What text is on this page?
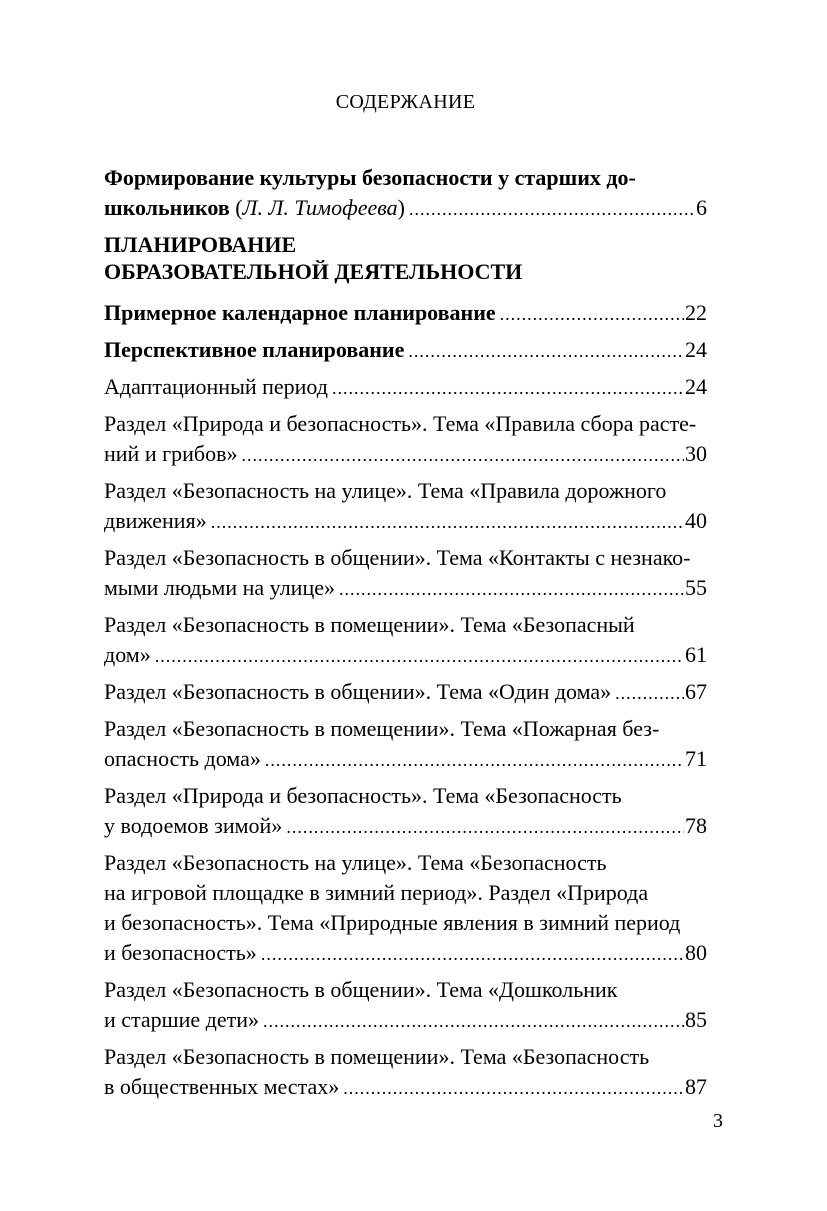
СОДЕРЖАНИЕ
Формирование культуры безопасности у старших до-
школьников (Л. Л. Тимофеева) .....	6
ПЛАНИРОВАНИЕ
ОБРАЗОВАТЕЛЬНОЙ ДЕЯТЕЛЬНОСТИ
Примерное календарное планирование .....	22
Перспективное планирование .....	24
Адаптационный период .....	24
Раздел «Природа и безопасность». Тема «Правила сбора расте-
ний и грибов» .....	30
Раздел «Безопасность на улице». Тема «Правила дорожного
движения» .....	40
Раздел «Безопасность в общении». Тема «Контакты с незнако-
мыми людьми на улице» .....	55
Раздел «Безопасность в помещении». Тема «Безопасный
дом» .....	61
Раздел «Безопасность в общении». Тема «Один дома» .....	67
Раздел «Безопасность в помещении». Тема «Пожарная без-
опасность дома» .....	71
Раздел «Природа и безопасность». Тема «Безопасность
у водоемов зимой» .....	78
Раздел «Безопасность на улице». Тема «Безопасность
на игровой площадке в зимний период». Раздел «Природа
и безопасность». Тема «Природные явления в зимний период
и безопасность» .....	80
Раздел «Безопасность в общении». Тема «Дошкольник
и старшие дети» .....	85
Раздел «Безопасность в помещении». Тема «Безопасность
в общественных местах» .....	87
3
